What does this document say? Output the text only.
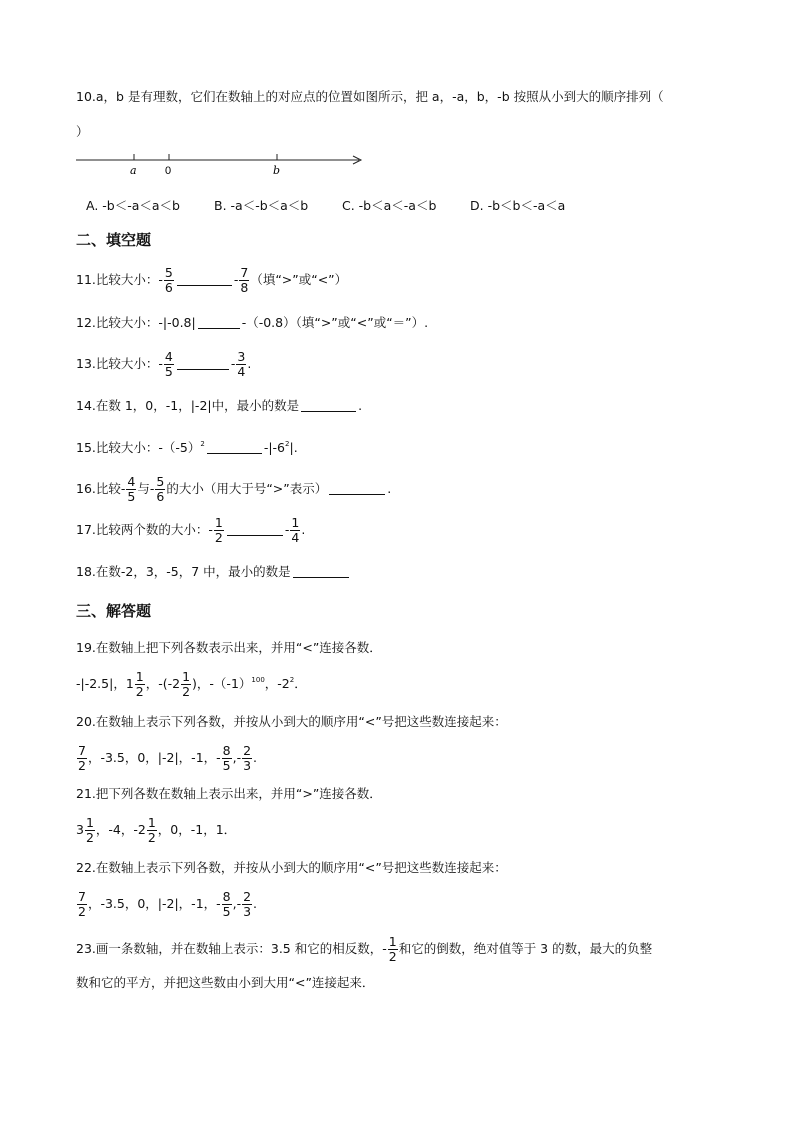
10.a，b 是有理数，它们在数轴上的对应点的位置如图所示，把 a，-a，b，-b 按照从小到大的顺序排列（
）
a	0	b
A. -b＜-a＜a＜b	B. -a＜-b＜a＜b	C. -b＜a＜-a＜b	D. -b＜b＜-a＜a
二、填空题
11.比较大小：- $\frac{5}{6}$	- $\frac{7}{8}$ （填“>”或“<”）
12.比较大小：-|-0.8|	-（-0.8）（填“>”或“<”或“＝”）.
13.比较大小：- $\frac{4}{5}$	- $\frac{3}{4}$ .
14.在数 1，0，-1，|-2|中，最小的数是	.
15.比较大小：$-(-5)^2$	$-|-6^2|$.
16.比较- $\frac{4}{5}$ 与- $\frac{5}{6}$ 的大小（用大于号“>”表示）	.
17.比较两个数的大小：- $\frac{1}{2}$	- $\frac{1}{4}$ .
18.在数-2，3，-5，7 中，最小的数是
三、解答题
19.在数轴上把下列各数表示出来，并用“<”连接各数．
-|-2.5|，$1 \frac{1}{2}$ ，$-(-2 \frac{1}{2}$ )，$-(-1)^{100}$，$-2^2$．
20.在数轴上表示下列各数，并按从小到大的顺序用“<”号把这些数连接起来：
$\frac{7}{2}$ ，-3.5，0，|-2|，-1，- $\frac{8}{5}$ ,- $\frac{2}{3}$ .
21.把下列各数在数轴上表示出来，并用“>”连接各数．
$3 \frac{1}{2}$ ，-4，$-2 \frac{1}{2}$ ，0，-1，1．
22.在数轴上表示下列各数，并按从小到大的顺序用“<”号把这些数连接起来：
$\frac{7}{2}$ ，-3.5，0，|-2|，-1，- $\frac{8}{5}$ ,- $\frac{2}{3}$ .
23.画一条数轴，并在数轴上表示：3.5 和它的相反数，- $\frac{1}{2}$ 和它的倒数，绝对值等于 3 的数，最大的负整
数和它的平方，并把这些数由小到大用“<”连接起来．
